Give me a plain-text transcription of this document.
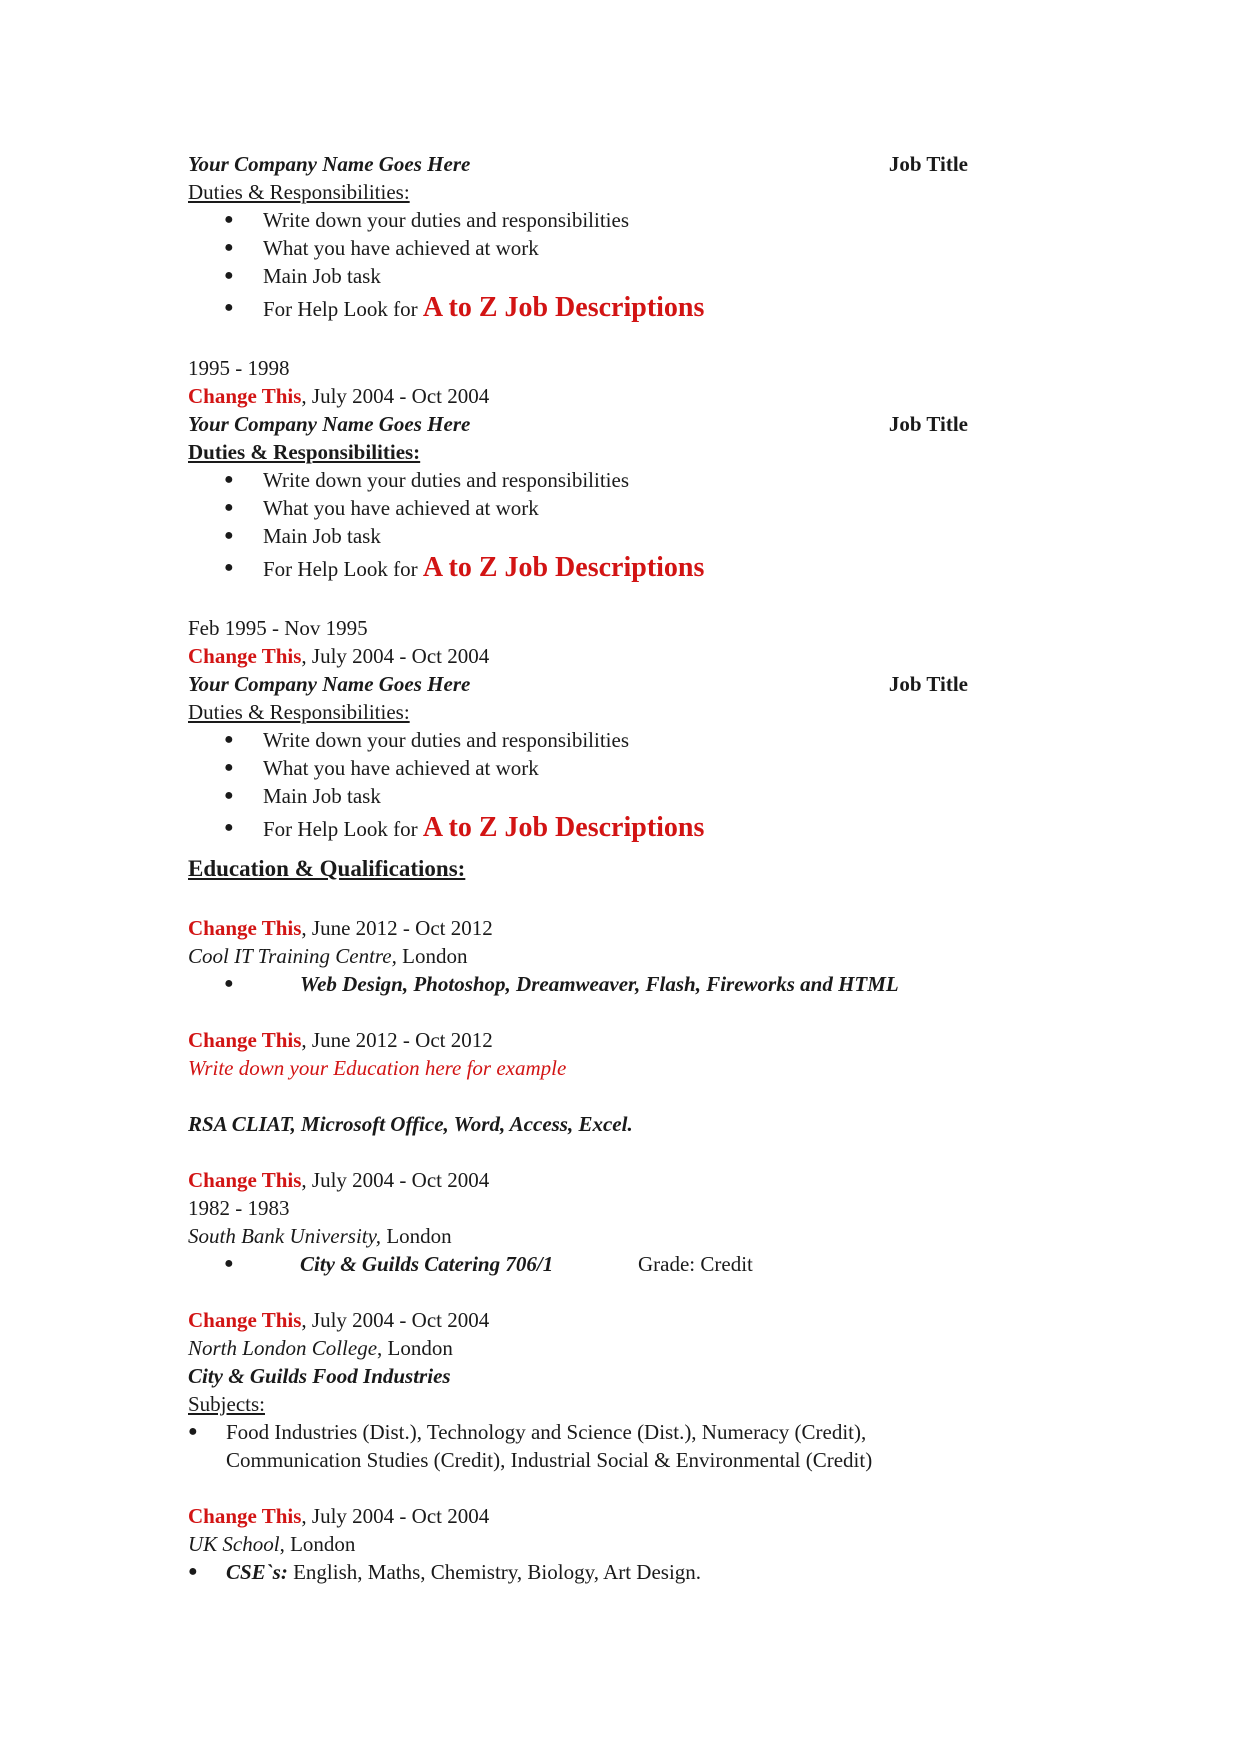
Your Company Name Goes Here	Job Title
Duties & Responsibilities:
● Write down your duties and responsibilities
● What you have achieved at work
● Main Job task
● For Help Look for A to Z Job Descriptions
1995 - 1998
Change This, July 2004 - Oct 2004
Your Company Name Goes Here	Job Title
Duties & Responsibilities:
● Write down your duties and responsibilities
● What you have achieved at work
● Main Job task
● For Help Look for A to Z Job Descriptions
Feb 1995 - Nov 1995
Change This, July 2004 - Oct 2004
Your Company Name Goes Here	Job Title
Duties & Responsibilities:
● Write down your duties and responsibilities
● What you have achieved at work
● Main Job task
● For Help Look for A to Z Job Descriptions
Education & Qualifications:
Change This, June 2012 - Oct 2012
Cool IT Training Centre, London
●	Web Design, Photoshop, Dreamweaver, Flash, Fireworks and HTML
Change This, June 2012 - Oct 2012
Write down your Education here for example
RSA CLIAT, Microsoft Office, Word, Access, Excel.
Change This, July 2004 - Oct 2004
1982 - 1983
South Bank University, London
●	City & Guilds Catering 706/1	Grade: Credit
Change This, July 2004 - Oct 2004
North London College, London
City & Guilds Food Industries
Subjects:
● Food Industries (Dist.), Technology and Science (Dist.), Numeracy (Credit),
Communication Studies (Credit), Industrial Social & Environmental (Credit)
Change This, July 2004 - Oct 2004
UK School, London
● CSE`s: English, Maths, Chemistry, Biology, Art Design.
